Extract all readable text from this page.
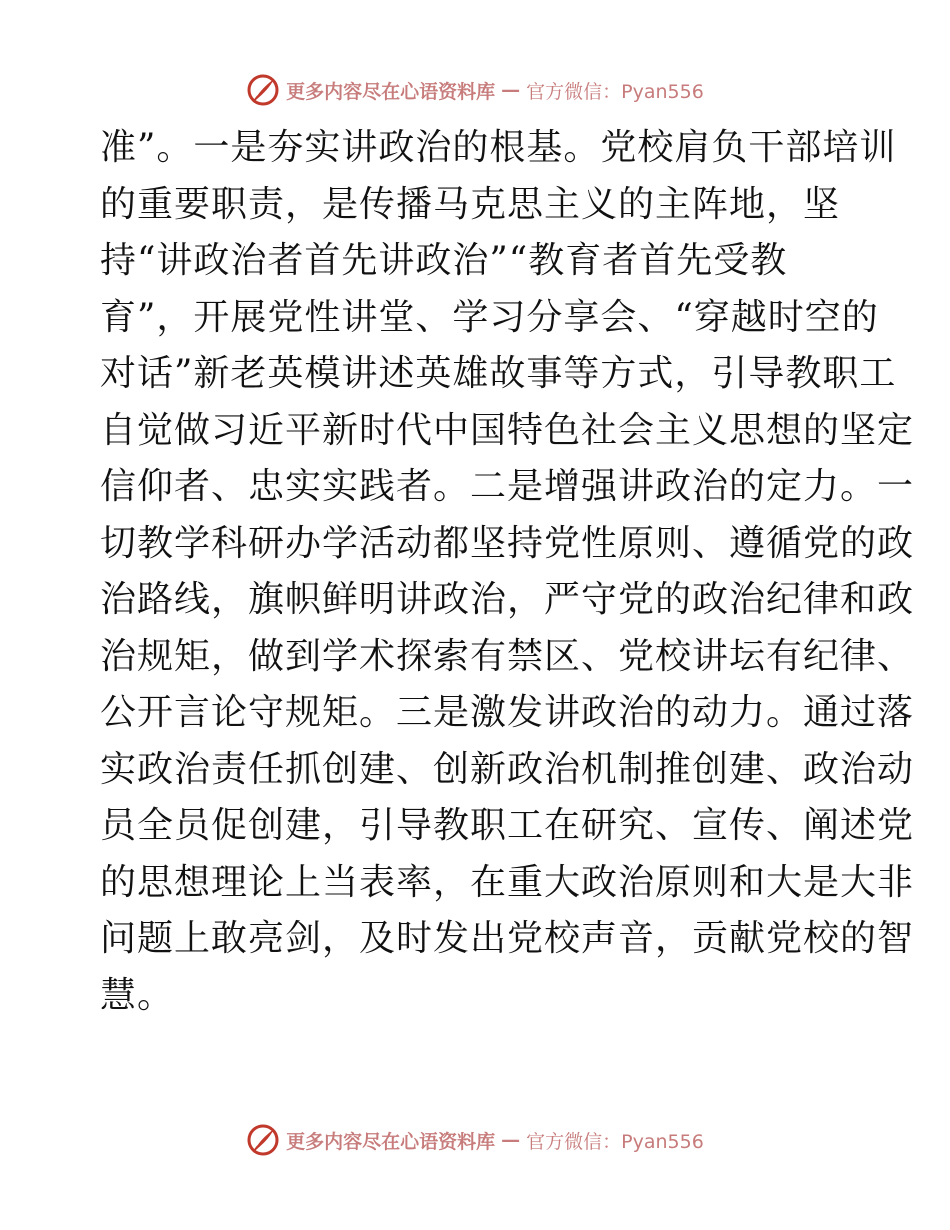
更多内容尽在心语资料库 — 官方微信：Pyan556
准”。一是夯实讲政治的根基。党校肩负干部培训
的重要职责，是传播马克思主义的主阵地，坚
持“讲政治者首先讲政治”“教育者首先受教
育”，开展党性讲堂、学习分享会、“穿越时空的
对话”新老英模讲述英雄故事等方式，引导教职工
自觉做习近平新时代中国特色社会主义思想的坚定
信仰者、忠实实践者。二是增强讲政治的定力。一
切教学科研办学活动都坚持党性原则、遵循党的政
治路线，旗帜鲜明讲政治，严守党的政治纪律和政
治规矩，做到学术探索有禁区、党校讲坛有纪律、
公开言论守规矩。三是激发讲政治的动力。通过落
实政治责任抓创建、创新政治机制推创建、政治动
员全员促创建，引导教职工在研究、宣传、阐述党
的思想理论上当表率，在重大政治原则和大是大非
问题上敢亮剑，及时发出党校声音，贡献党校的智
慧。
更多内容尽在心语资料库 — 官方微信：Pyan556
